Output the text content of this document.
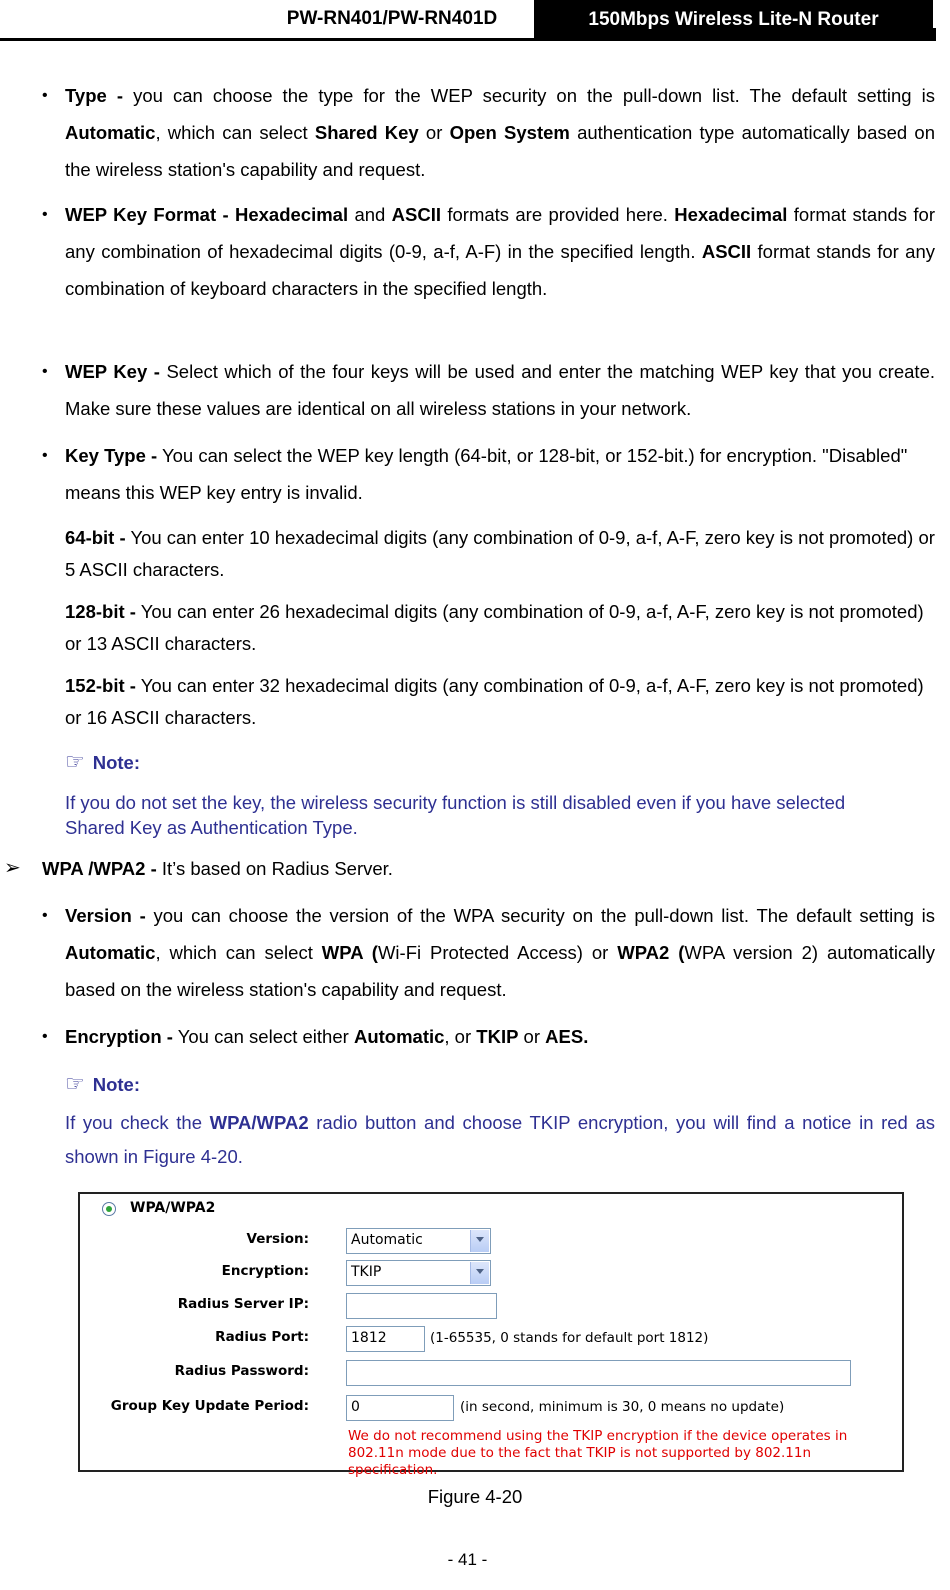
PW-RN401/PW-RN401D	150Mbps Wireless Lite-N Router
• Type - you can choose the type for the WEP security on the pull-down list. The default setting is Automatic, which can select Shared Key or Open System authentication type automatically based on the wireless station's capability and request.
• WEP Key Format - Hexadecimal and ASCII formats are provided here. Hexadecimal format stands for any combination of hexadecimal digits (0-9, a-f, A-F) in the specified length. ASCII format stands for any combination of keyboard characters in the specified length.
• WEP Key - Select which of the four keys will be used and enter the matching WEP key that you create. Make sure these values are identical on all wireless stations in your network.
• Key Type - You can select the WEP key length (64-bit, or 128-bit, or 152-bit.) for encryption. "Disabled" means this WEP key entry is invalid.
64-bit - You can enter 10 hexadecimal digits (any combination of 0-9, a-f, A-F, zero key is not promoted) or 5 ASCII characters.
128-bit - You can enter 26 hexadecimal digits (any combination of 0-9, a-f, A-F, zero key is not promoted) or 13 ASCII characters.
152-bit - You can enter 32 hexadecimal digits (any combination of 0-9, a-f, A-F, zero key is not promoted) or 16 ASCII characters.
☞ Note:
If you do not set the key, the wireless security function is still disabled even if you have selected Shared Key as Authentication Type.
➢ WPA /WPA2 - It’s based on Radius Server.
• Version - you can choose the version of the WPA security on the pull-down list. The default setting is Automatic, which can select WPA (Wi-Fi Protected Access) or WPA2 (WPA version 2) automatically based on the wireless station's capability and request.
• Encryption - You can select either Automatic, or TKIP or AES.
☞ Note:
If you check the WPA/WPA2 radio button and choose TKIP encryption, you will find a notice in red as shown in Figure 4-20.
WPA/WPA2
Version:	Automatic
Encryption:	TKIP
Radius Server IP:
Radius Port:	1812	(1-65535, 0 stands for default port 1812)
Radius Password:
Group Key Update Period:	0	(in second, minimum is 30, 0 means no update)
We do not recommend using the TKIP encryption if the device operates in
802.11n mode due to the fact that TKIP is not supported by 802.11n specification.
Figure 4-20
- 41 -
